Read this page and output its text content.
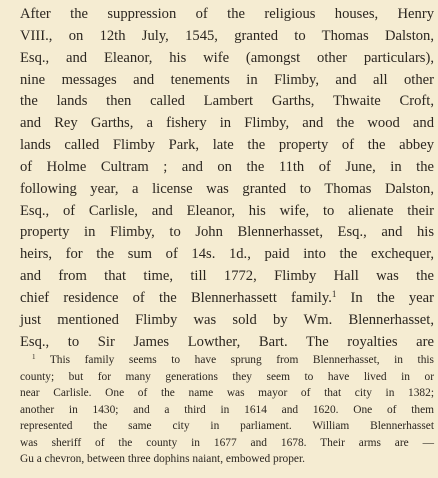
After the suppression of the religious houses, Henry
VIII., on 12th July, 1545, granted to Thomas Dalston,
Esq., and Eleanor, his wife (amongst other particulars),
nine messages and tenements in Flimby, and all other
the lands then called Lambert Garths, Thwaite Croft,
and Rey Garths, a fishery in Flimby, and the wood and
lands called Flimby Park, late the property of the abbey
of Holme Cultram ; and on the 11th of June, in the
following year, a license was granted to Thomas Dalston,
Esq., of Carlisle, and Eleanor, his wife, to alienate their
property in Flimby, to John Blennerhasset, Esq., and his
heirs, for the sum of 14s. 1d., paid into the exchequer,
and from that time, till 1772, Flimby Hall was the
chief residence of the Blennerhassett family.$^1$ In the year
just mentioned Flimby was sold by Wm. Blennerhasset,
Esq., to Sir James Lowther, Bart. The royalties are
$^1$ This family seems to have sprung from Blennerhasset, in this
county; but for many generations they seem to have lived in or
near Carlisle. One of the name was mayor of that city in 1382;
another in 1430; and a third in 1614 and 1620. One of them
represented the same city in parliament. William Blennerhasset
was sheriff of the county in 1677 and 1678. Their arms are —
Gu a chevron, between three dophins naiant, embowed proper.
